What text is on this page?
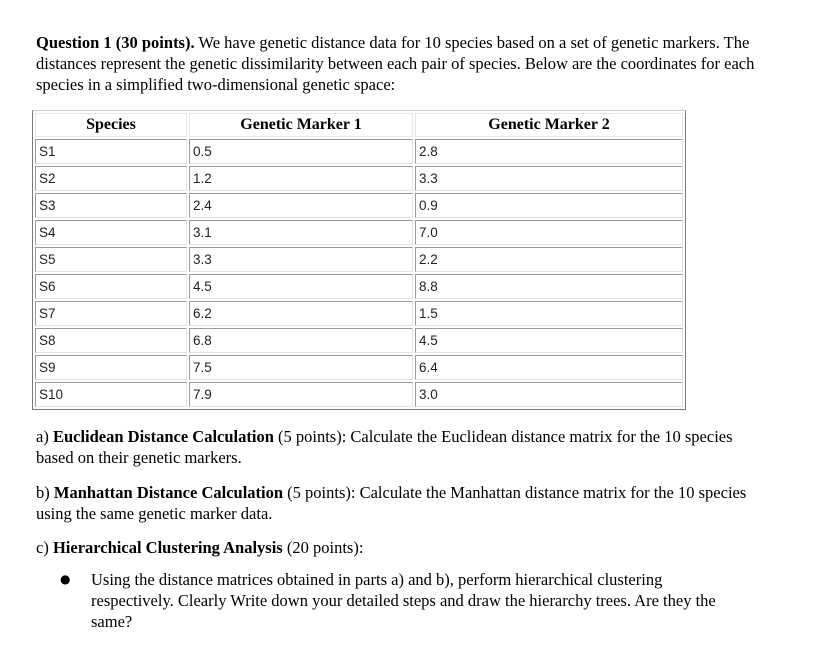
Question 1 (30 points). We have genetic distance data for 10 species based on a set of genetic markers. The distances represent the genetic dissimilarity between each pair of species. Below are the coordinates for each species in a simplified two-dimensional genetic space:

Species	Genetic Marker 1	Genetic Marker 2
S1	0.5	2.8
S2	1.2	3.3
S3	2.4	0.9
S4	3.1	7.0
S5	3.3	2.2
S6	4.5	8.8
S7	6.2	1.5
S8	6.8	4.5
S9	7.5	6.4
S10	7.9	3.0

a) Euclidean Distance Calculation (5 points): Calculate the Euclidean distance matrix for the 10 species based on their genetic markers.

b) Manhattan Distance Calculation (5 points): Calculate the Manhattan distance matrix for the 10 species using the same genetic marker data.

c) Hierarchical Clustering Analysis (20 points):

● Using the distance matrices obtained in parts a) and b), perform hierarchical clustering respectively. Clearly Write down your detailed steps and draw the hierarchy trees. Are they the same?
